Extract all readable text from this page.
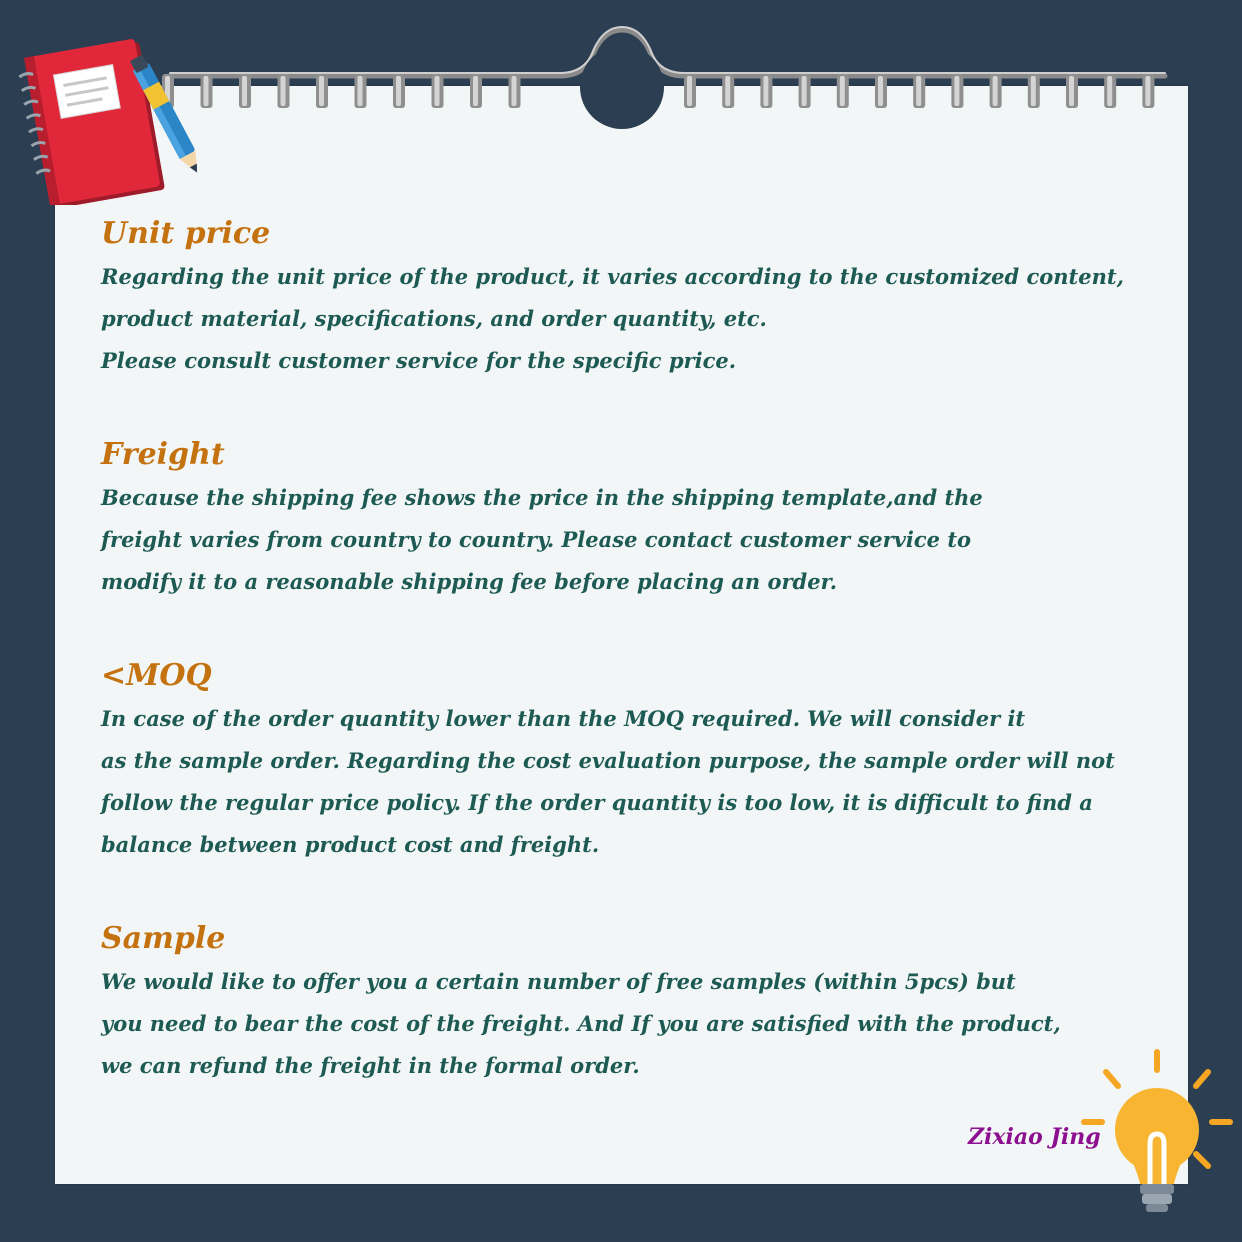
Unit price

Regarding the unit price of the product, it varies according to the customized content,
product material, specifications, and order quantity, etc.
Please consult customer service for the specific price.

Freight

Because the shipping fee shows the price in the shipping template,and the
freight varies from country to country. Please contact customer service to
modify it to a reasonable shipping fee before placing an order.

<MOQ

In case of the order quantity lower than the MOQ required. We will consider it
as the sample order. Regarding the cost evaluation purpose, the sample order will not
follow the regular price policy. If the order quantity is too low, it is difficult to find a
balance between product cost and freight.

Sample

We would like to offer you a certain number of free samples (within 5pcs) but
you need to bear the cost of the freight. And If you are satisfied with the product,
we can refund the freight in the formal order.

Zixiao Jing
